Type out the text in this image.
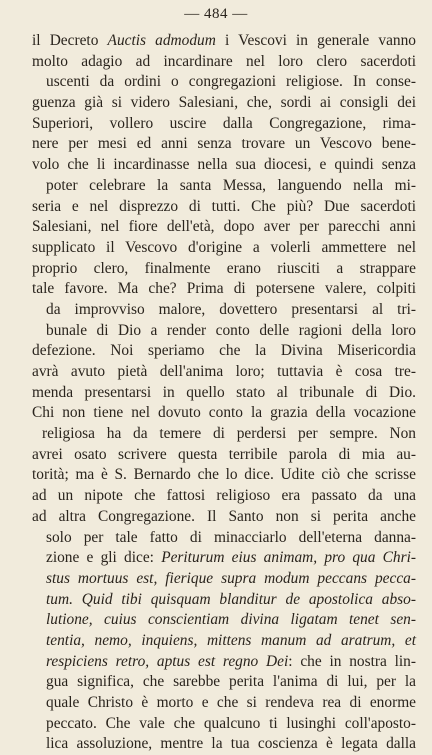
— 484 —
il Decreto Auctis admodum i Vescovi in generale vanno
molto adagio ad incardinare nel loro clero sacerdoti
uscenti da ordini o congregazioni religiose. In conse-
guenza già si videro Salesiani, che, sordi ai consigli dei
Superiori, vollero uscire dalla Congregazione, rima-
nere per mesi ed anni senza trovare un Vescovo bene-
volo che li incardinasse nella sua diocesi, e quindi senza
poter celebrare la santa Messa, languendo nella mi-
seria e nel disprezzo di tutti. Che più? Due sacerdoti
Salesiani, nel fiore dell'età, dopo aver per parecchi anni
supplicato il Vescovo d'origine a volerli ammettere nel
proprio clero, finalmente erano riusciti a strappare
tale favore. Ma che? Prima di potersene valere, colpiti
da improvviso malore, dovettero presentarsi al tri-
bunale di Dio a render conto delle ragioni della loro
defezione. Noi speriamo che la Divina Misericordia
avrà avuto pietà dell'anima loro; tuttavia è cosa tre-
menda presentarsi in quello stato al tribunale di Dio.
Chi non tiene nel dovuto conto la grazia della vocazione
religiosa ha da temere di perdersi per sempre. Non
avrei osato scrivere questa terribile parola di mia au-
torità; ma è S. Bernardo che lo dice. Udite ciò che scrisse
ad un nipote che fattosi religioso era passato da una
ad altra Congregazione. Il Santo non si perita anche
solo per tale fatto di minacciarlo dell'eterna danna-
zione e gli dice: Periturum eius animam, pro qua Chri-
stus mortuus est, fierique supra modum peccans pecca-
tum. Quid tibi quisquam blanditur de apostolica abso-
lutione, cuius conscientiam divina ligatam tenet sen-
tentia, nemo, inquiens, mittens manum ad aratrum, et
respiciens retro, aptus est regno Dei: che in nostra lin-
gua significa, che sarebbe perita l'anima di lui, per la
quale Christo è morto e che si rendeva rea di enorme
peccato. Che vale che qualcuno ti lusinghi coll'aposto-
lica assoluzione, mentre la tua coscienza è legata dalla
